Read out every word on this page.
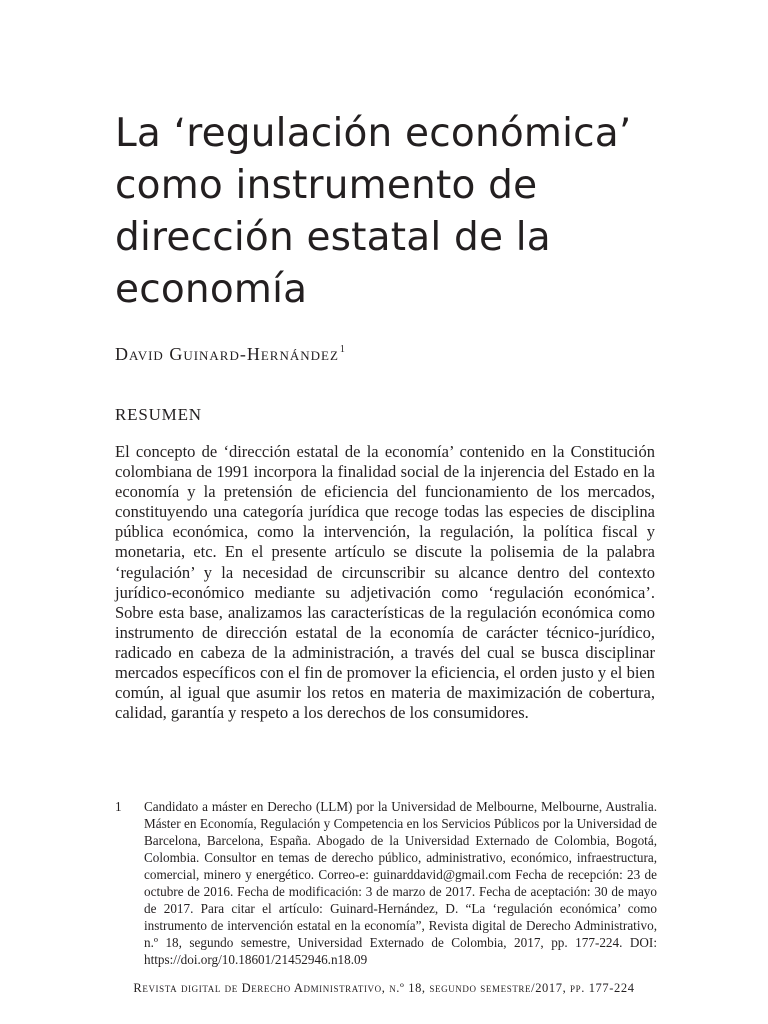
La ‘regulación económica’ como instrumento de dirección estatal de la economía

David Guinard-Hernández$^1$

RESUMEN

El concepto de ‘dirección estatal de la economía’ contenido en la Constitución colombiana de 1991 incorpora la finalidad social de la injerencia del Estado en la economía y la pretensión de eficiencia del funcionamiento de los mercados, constituyendo una categoría jurídica que recoge todas las especies de disciplina pública económica, como la intervención, la regulación, la política fiscal y monetaria, etc. En el presente artículo se discute la polisemia de la palabra ‘regulación’ y la necesidad de circunscribir su alcance dentro del contexto jurídico-económico mediante su adjetivación como ‘regulación económica’. Sobre esta base, analizamos las características de la regulación económica como instrumento de dirección estatal de la economía de carácter técnico-jurídico, radicado en cabeza de la administración, a través del cual se busca disciplinar mercados específicos con el fin de promover la eficiencia, el orden justo y el bien común, al igual que asumir los retos en materia de maximización de cobertura, calidad, garantía y respeto a los derechos de los consumidores.

1 Candidato a máster en Derecho (LLM) por la Universidad de Melbourne, Melbourne, Australia. Máster en Economía, Regulación y Competencia en los Servicios Públicos por la Universidad de Barcelona, Barcelona, España. Abogado de la Universidad Externado de Colombia, Bogotá, Colombia. Consultor en temas de derecho público, administrativo, económico, infraestructura, comercial, minero y energético. Correo-e: guinarddavid@gmail.com Fecha de recepción: 23 de octubre de 2016. Fecha de modificación: 3 de marzo de 2017. Fecha de aceptación: 30 de mayo de 2017. Para citar el artículo: Guinard-Hernández, D. “La ‘regulación económica’ como instrumento de intervención estatal en la economía”, Revista digital de Derecho Administrativo, n.º 18, segundo semestre, Universidad Externado de Colombia, 2017, pp. 177-224. DOI: https://doi.org/10.18601/21452946.n18.09

Revista digital de Derecho Administrativo, n.º 18, segundo semestre/2017, pp. 177-224
